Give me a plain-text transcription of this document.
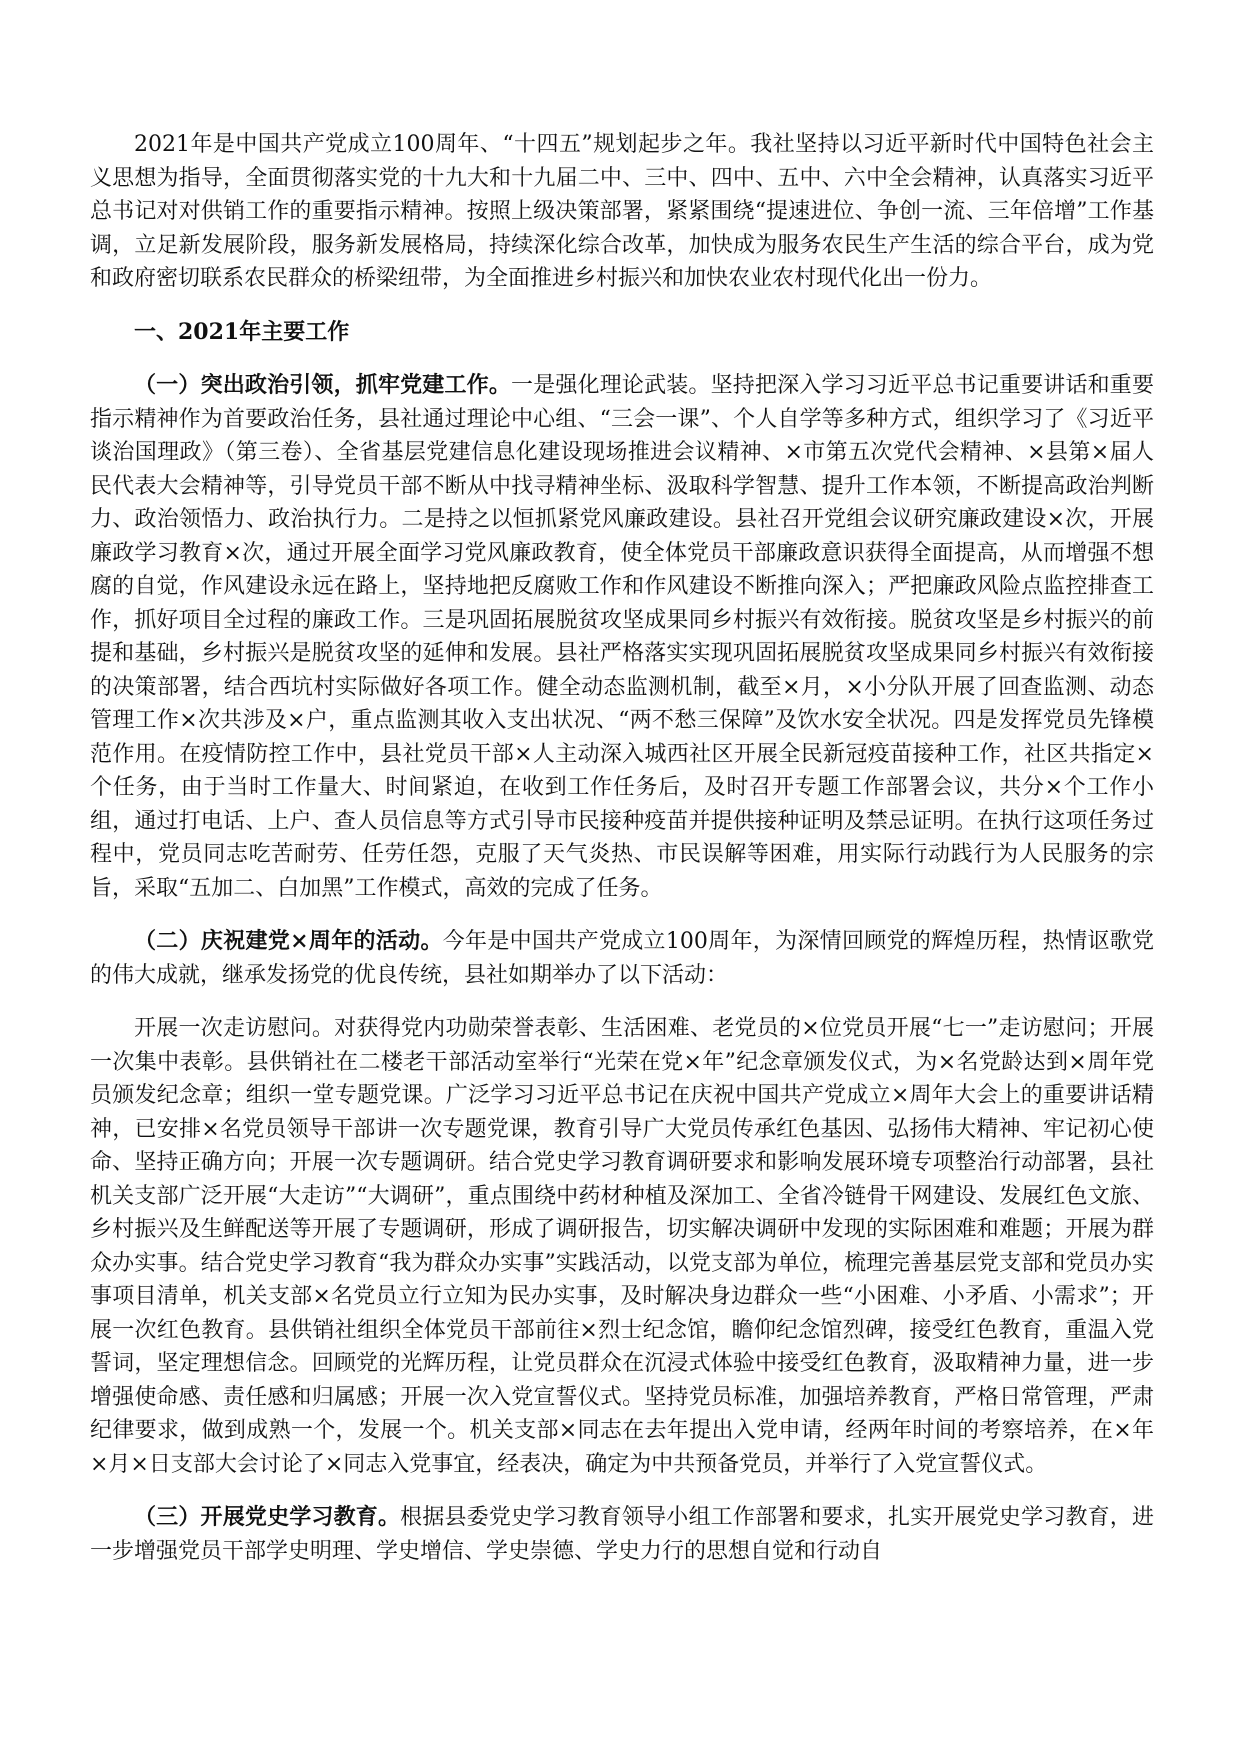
2021年是中国共产党成立100周年、“十四五”规划起步之年。我社坚持以习近平新时代中国特色社会主义思想为指导，全面贯彻落实党的十九大和十九届二中、三中、四中、五中、六中全会精神，认真落实习近平总书记对对供销工作的重要指示精神。按照上级决策部署，紧紧围绕“提速进位、争创一流、三年倍增”工作基调，立足新发展阶段，服务新发展格局，持续深化综合改革，加快成为服务农民生产生活的综合平台，成为党和政府密切联系农民群众的桥梁纽带，为全面推进乡村振兴和加快农业农村现代化出一份力。

一、2021年主要工作

（一）突出政治引领，抓牢党建工作。一是强化理论武装。坚持把深入学习习近平总书记重要讲话和重要指示精神作为首要政治任务，县社通过理论中心组、“三会一课”、个人自学等多种方式，组织学习了《习近平谈治国理政》（第三卷）、全省基层党建信息化建设现场推进会议精神、×市第五次党代会精神、×县第×届人民代表大会精神等，引导党员干部不断从中找寻精神坐标、汲取科学智慧、提升工作本领，不断提高政治判断力、政治领悟力、政治执行力。二是持之以恒抓紧党风廉政建设。县社召开党组会议研究廉政建设×次，开展廉政学习教育×次，通过开展全面学习党风廉政教育，使全体党员干部廉政意识获得全面提高，从而增强不想腐的自觉，作风建设永远在路上，坚持地把反腐败工作和作风建设不断推向深入；严把廉政风险点监控排查工作，抓好项目全过程的廉政工作。三是巩固拓展脱贫攻坚成果同乡村振兴有效衔接。脱贫攻坚是乡村振兴的前提和基础，乡村振兴是脱贫攻坚的延伸和发展。县社严格落实实现巩固拓展脱贫攻坚成果同乡村振兴有效衔接的决策部署，结合西坑村实际做好各项工作。健全动态监测机制，截至×月，×小分队开展了回查监测、动态管理工作×次共涉及×户，重点监测其收入支出状况、“两不愁三保障”及饮水安全状况。四是发挥党员先锋模范作用。在疫情防控工作中，县社党员干部×人主动深入城西社区开展全民新冠疫苗接种工作，社区共指定×个任务，由于当时工作量大、时间紧迫，在收到工作任务后，及时召开专题工作部署会议，共分×个工作小组，通过打电话、上户、查人员信息等方式引导市民接种疫苗并提供接种证明及禁忌证明。在执行这项任务过程中，党员同志吃苦耐劳、任劳任怨，克服了天气炎热、市民误解等困难，用实际行动践行为人民服务的宗旨，采取“五加二、白加黑”工作模式，高效的完成了任务。

（二）庆祝建党×周年的活动。今年是中国共产党成立100周年，为深情回顾党的辉煌历程，热情讴歌党的伟大成就，继承发扬党的优良传统，县社如期举办了以下活动：

开展一次走访慰问。对获得党内功勋荣誉表彰、生活困难、老党员的×位党员开展“七一”走访慰问；开展一次集中表彰。县供销社在二楼老干部活动室举行“光荣在党×年”纪念章颁发仪式，为×名党龄达到×周年党员颁发纪念章；组织一堂专题党课。广泛学习习近平总书记在庆祝中国共产党成立×周年大会上的重要讲话精神，已安排×名党员领导干部讲一次专题党课，教育引导广大党员传承红色基因、弘扬伟大精神、牢记初心使命、坚持正确方向；开展一次专题调研。结合党史学习教育调研要求和影响发展环境专项整治行动部署，县社机关支部广泛开展“大走访”“大调研”，重点围绕中药材种植及深加工、全省冷链骨干网建设、发展红色文旅、乡村振兴及生鲜配送等开展了专题调研，形成了调研报告，切实解决调研中发现的实际困难和难题；开展为群众办实事。结合党史学习教育“我为群众办实事”实践活动，以党支部为单位，梳理完善基层党支部和党员办实事项目清单，机关支部×名党员立行立知为民办实事，及时解决身边群众一些“小困难、小矛盾、小需求”；开展一次红色教育。县供销社组织全体党员干部前往×烈士纪念馆，瞻仰纪念馆烈碑，接受红色教育，重温入党誓词，坚定理想信念。回顾党的光辉历程，让党员群众在沉浸式体验中接受红色教育，汲取精神力量，进一步增强使命感、责任感和归属感；开展一次入党宣誓仪式。坚持党员标准，加强培养教育，严格日常管理，严肃纪律要求，做到成熟一个，发展一个。机关支部×同志在去年提出入党申请，经两年时间的考察培养，在×年×月×日支部大会讨论了×同志入党事宜，经表决，确定为中共预备党员，并举行了入党宣誓仪式。

（三）开展党史学习教育。根据县委党史学习教育领导小组工作部署和要求，扎实开展党史学习教育，进一步增强党员干部学史明理、学史增信、学史崇德、学史力行的思想自觉和行动自
